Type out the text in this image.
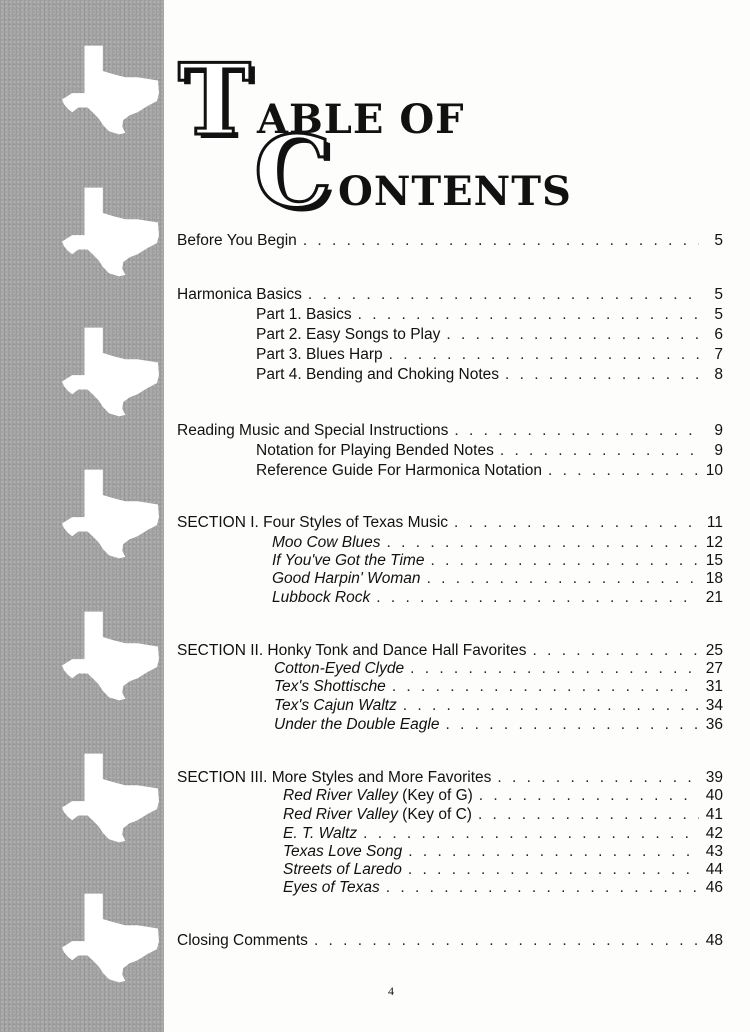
T ABLE OF
C ONTENTS
Before You Begin . . .	5
Harmonica Basics . . .	5
Part 1. Basics . . .	5
Part 2. Easy Songs to Play . . .	6
Part 3. Blues Harp . . .	7
Part 4. Bending and Choking Notes . . .	8
Reading Music and Special Instructions . . .	9
Notation for Playing Bended Notes . . .	9
Reference Guide For Harmonica Notation . . .	10
SECTION I. Four Styles of Texas Music . . .	11
Moo Cow Blues . . .	12
If You've Got the Time . . .	15
Good Harpin' Woman . . .	18
Lubbock Rock . . .	21
SECTION II. Honky Tonk and Dance Hall Favorites . . .	25
Cotton-Eyed Clyde . . .	27
Tex's Shottische . . .	31
Tex's Cajun Waltz . . .	34
Under the Double Eagle . . .	36
SECTION III. More Styles and More Favorites . . .	39
Red River Valley (Key of G) . . .	40
Red River Valley (Key of C) . . .	41
E. T. Waltz . . .	42
Texas Love Song . . .	43
Streets of Laredo . . .	44
Eyes of Texas . . .	46
Closing Comments . . .	48
4
